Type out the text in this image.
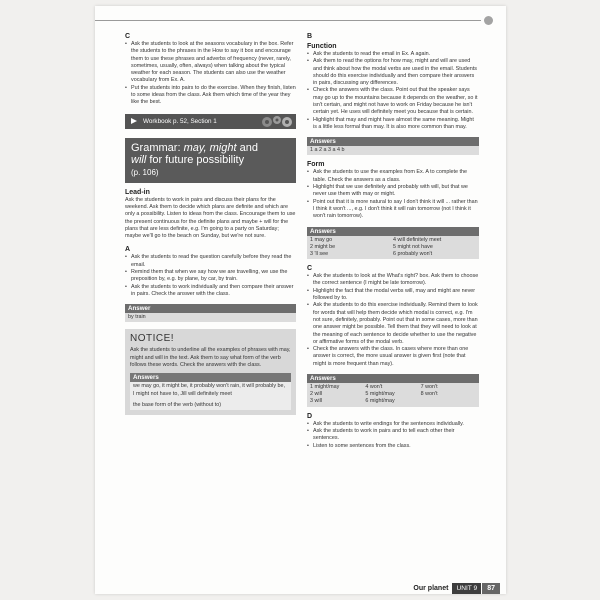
C
• Ask the students to look at the seasons vocabulary in the box. Refer the students to the phrases in the How to say it box and encourage them to use these phrases and adverbs of frequency (never, rarely, sometimes, usually, often, always) when talking about the typical weather for each season. The students can also use the weather vocabulary from Ex. A.
• Put the students into pairs to do the exercise. When they finish, listen to some ideas from the class. Ask them which time of the year they like the best.
Workbook p. 52, Section 1
Grammar: may, might and
will for future possibility
(p. 106)
Lead-in

Ask the students to work in pairs and discuss their plans for the weekend. Ask them to decide which plans are definite and which are only a possibility. Listen to ideas from the class. Encourage them to use the present continuous for the definite plans and maybe + will for the plans that are less definite, e.g. I'm going to a party on Saturday; maybe we'll go to the beach on Sunday, but we're not sure.

A
• Ask the students to read the question carefully before they read the email.
• Remind them that when we say how we are travelling, we use the preposition by, e.g. by plane, by car, by train.
• Ask the students to work individually and then compare their answer in pairs. Check the answer with the class.
Answer
by train
NOTICE!

Ask the students to underline all the examples of phrases with may, might and will in the text. Ask them to say what form of the verb follows these words. Check the answers with the class.

Answers
we may go, it might be, it probably won't rain, it will probably be, I might not have to, Jill will definitely meet
the base form of the verb (without to)
B
Function
• Ask the students to read the email in Ex. A again.
• Ask them to read the options for how may, might and will are used and think about how the modal verbs are used in the email. Students should do this exercise individually and then compare their answers in pairs, discussing any differences.
• Check the answers with the class. Point out that the speaker says may go up to the mountains because it depends on the weather, so it isn't certain, and might not have to work on Friday because he isn't certain yet. He uses will definitely meet you because that is certain.
• Highlight that may and might have almost the same meaning. Might is a little less formal than may. It is also more common than may.
Answers
1 a 2 a 3 a 4 b
Form
• Ask the students to use the examples from Ex. A to complete the table. Check the answers as a class.
• Highlight that we use definitely and probably with will, but that we never use them with may or might.
• Point out that it is more natural to say I don't think it will ... rather than I think it won't ..., e.g. I don't think it will rain tomorrow (not I think it won't rain tomorrow).
Answers
1 may go	4 will definitely meet
2 might be	5 might not have
3 'll see	6 probably won't
C
• Ask the students to look at the What's right? box. Ask them to choose the correct sentence (I might be late tomorrow).
• Highlight the fact that the modal verbs will, may and might are never followed by to.
• Ask the students to do this exercise individually. Remind them to look for words that will help them decide which modal is correct, e.g. I'm not sure, definitely, probably. Point out that in some cases, more than one answer might be possible. Tell them that they will need to look at the meaning of each sentence to decide whether to use the negative or affirmative forms of the modal verb.
• Check the answers with the class. In cases where more than one answer is correct, the more usual answer is given first (note that might is more frequent than may).
Answers
1 might/may	4 won't	7 won't
2 will	5 might/may	8 won't
3 will	6 might/may
D
• Ask the students to write endings for the sentences individually.
• Ask the students to work in pairs and to tell each other their sentences.
• Listen to some sentences from the class.
Our planet	UNIT 9	87
